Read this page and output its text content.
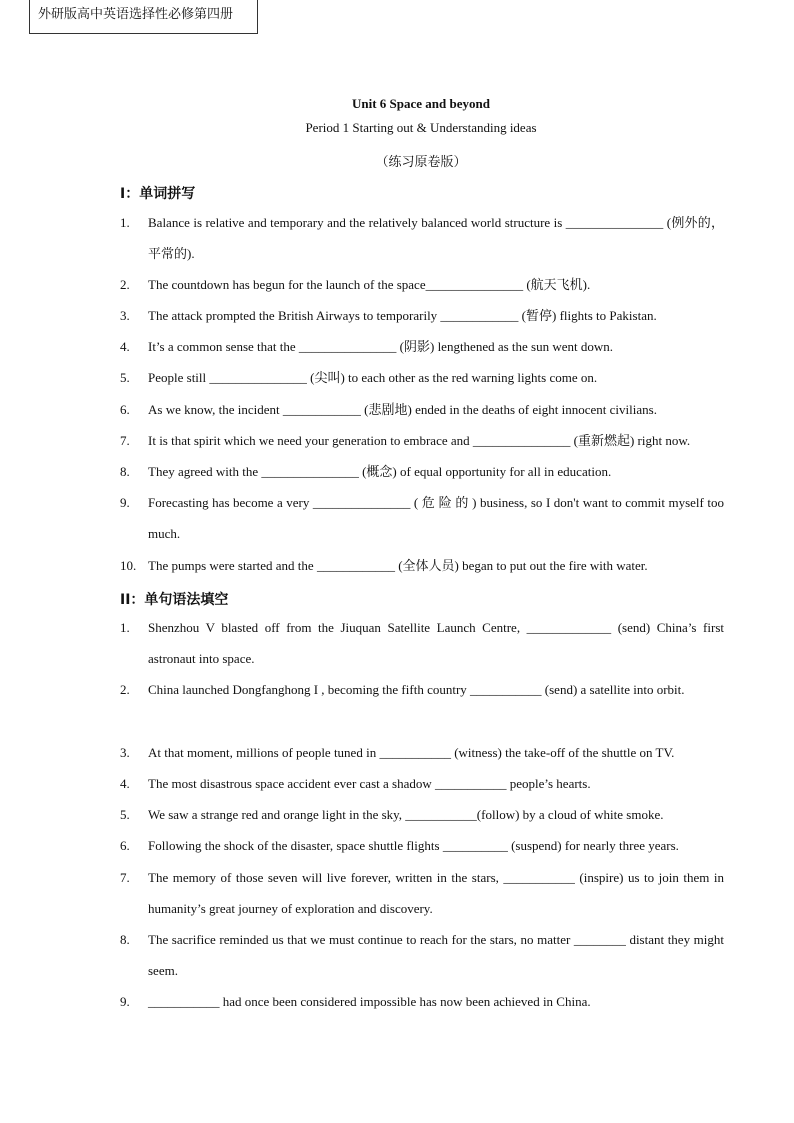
外研版高中英语选择性必修第四册
Unit 6 Space and beyond
Period 1 Starting out & Understanding ideas
（练习原卷版）
I：单词拼写
1. Balance is relative and temporary and the relatively balanced world structure is _______________ (例外的，平常的).
2. The countdown has begun for the launch of the space_______________ (航天飞机).
3. The attack prompted the British Airways to temporarily ____________ (暂停) flights to Pakistan.
4. It’s a common sense that the _______________ (阴影) lengthened as the sun went down.
5. People still _______________ (尖叫) to each other as the red warning lights come on.
6. As we know, the incident ____________ (悲剧地) ended in the deaths of eight innocent civilians.
7. It is that spirit which we need your generation to embrace and _______________ (重新燃起) right now.
8. They agreed with the _______________ (概念) of equal opportunity for all in education.
9. Forecasting has become a very _______________ ( 危 险 的 ) business, so I don't want to commit myself too much.
10. The pumps were started and the ____________ (全体人员) began to put out the fire with water.
II：单句语法填空
1. Shenzhou V blasted off from the Jiuquan Satellite Launch Centre, _____________ (send) China’s first astronaut into space.
2. China launched Dongfanghong I , becoming the fifth country ___________ (send) a satellite into orbit.
3. At that moment, millions of people tuned in ___________ (witness) the take-off of the shuttle on TV.
4. The most disastrous space accident ever cast a shadow ___________ people’s hearts.
5. We saw a strange red and orange light in the sky, ___________(follow) by a cloud of white smoke.
6. Following the shock of the disaster, space shuttle flights __________ (suspend) for nearly three years.
7. The memory of those seven will live forever, written in the stars, ___________ (inspire) us to join them in humanity’s great journey of exploration and discovery.
8. The sacrifice reminded us that we must continue to reach for the stars, no matter ________ distant they might seem.
9. ___________ had once been considered impossible has now been achieved in China.
